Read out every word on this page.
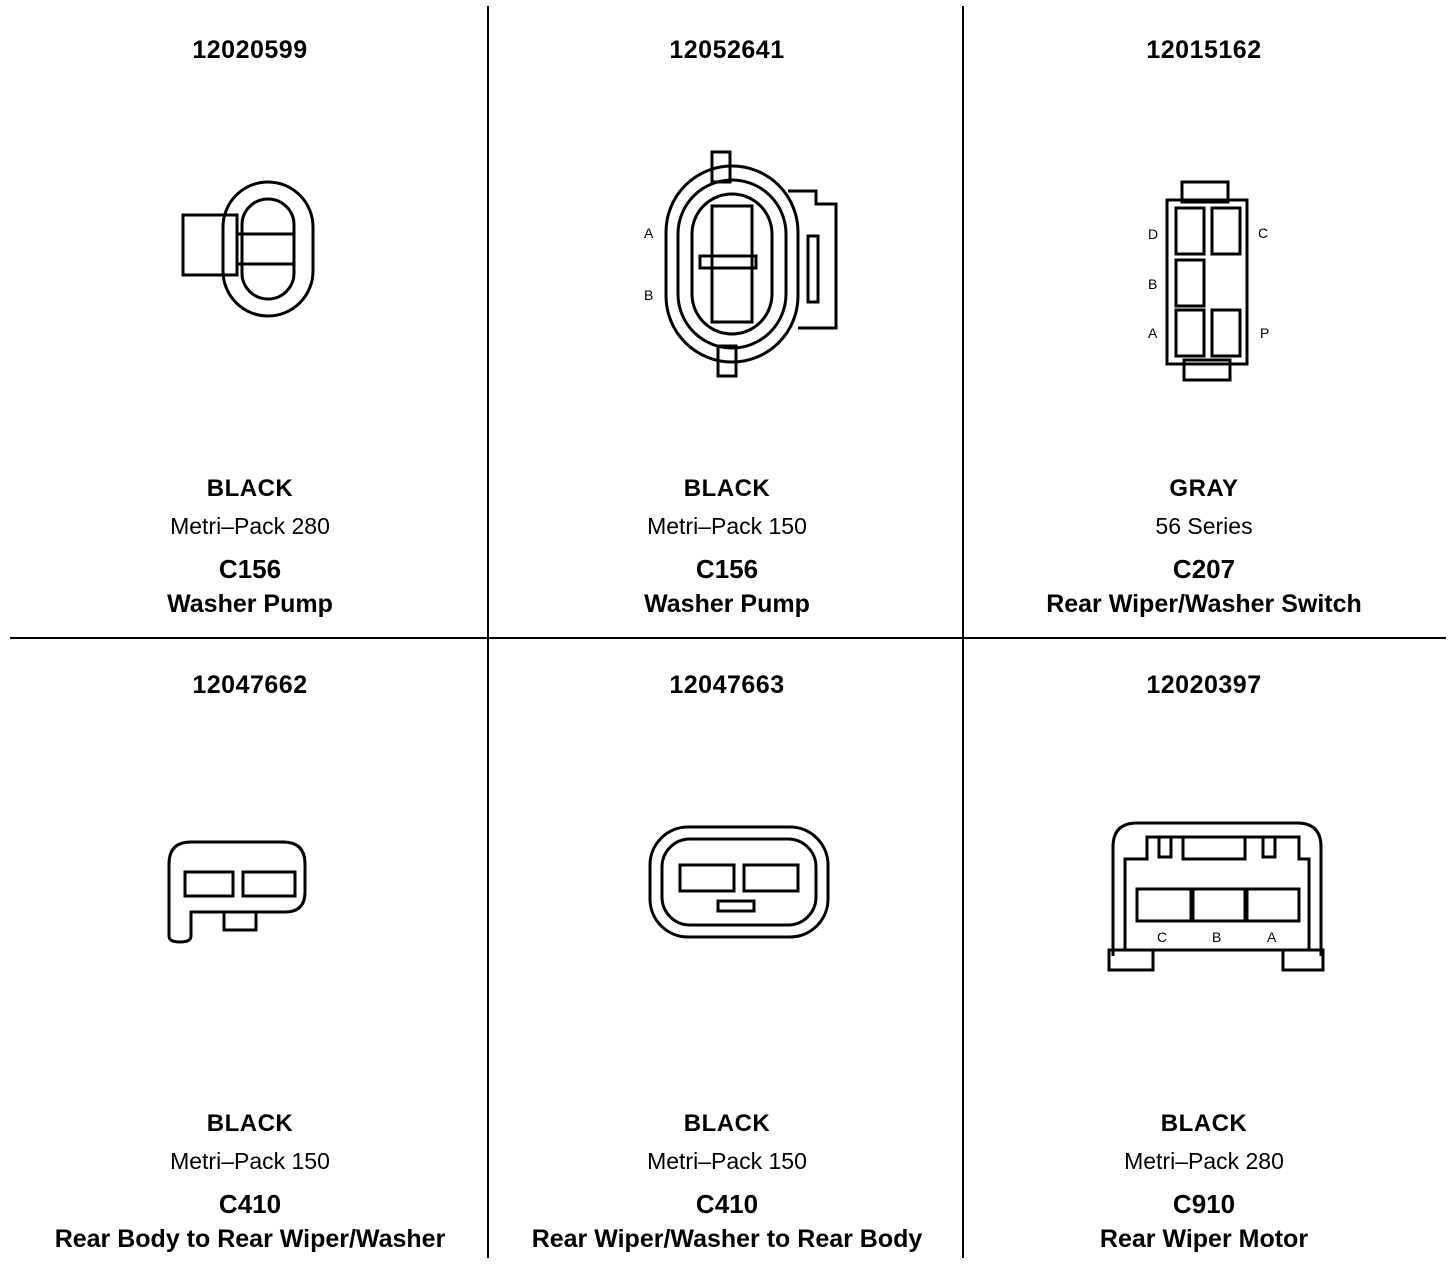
12020599
BLACK
Metri–Pack 280
C156
Washer Pump
12052641
A
B
BLACK
Metri–Pack 150
C156
Washer Pump
12015162
D	C
B
A	P
GRAY
56 Series
C207
Rear Wiper/Washer Switch
12047662
BLACK
Metri–Pack 150
C410
Rear Body to Rear Wiper/Washer
12047663
BLACK
Metri–Pack 150
C410
Rear Wiper/Washer to Rear Body
12020397
C	B	A
BLACK
Metri–Pack 280
C910
Rear Wiper Motor
